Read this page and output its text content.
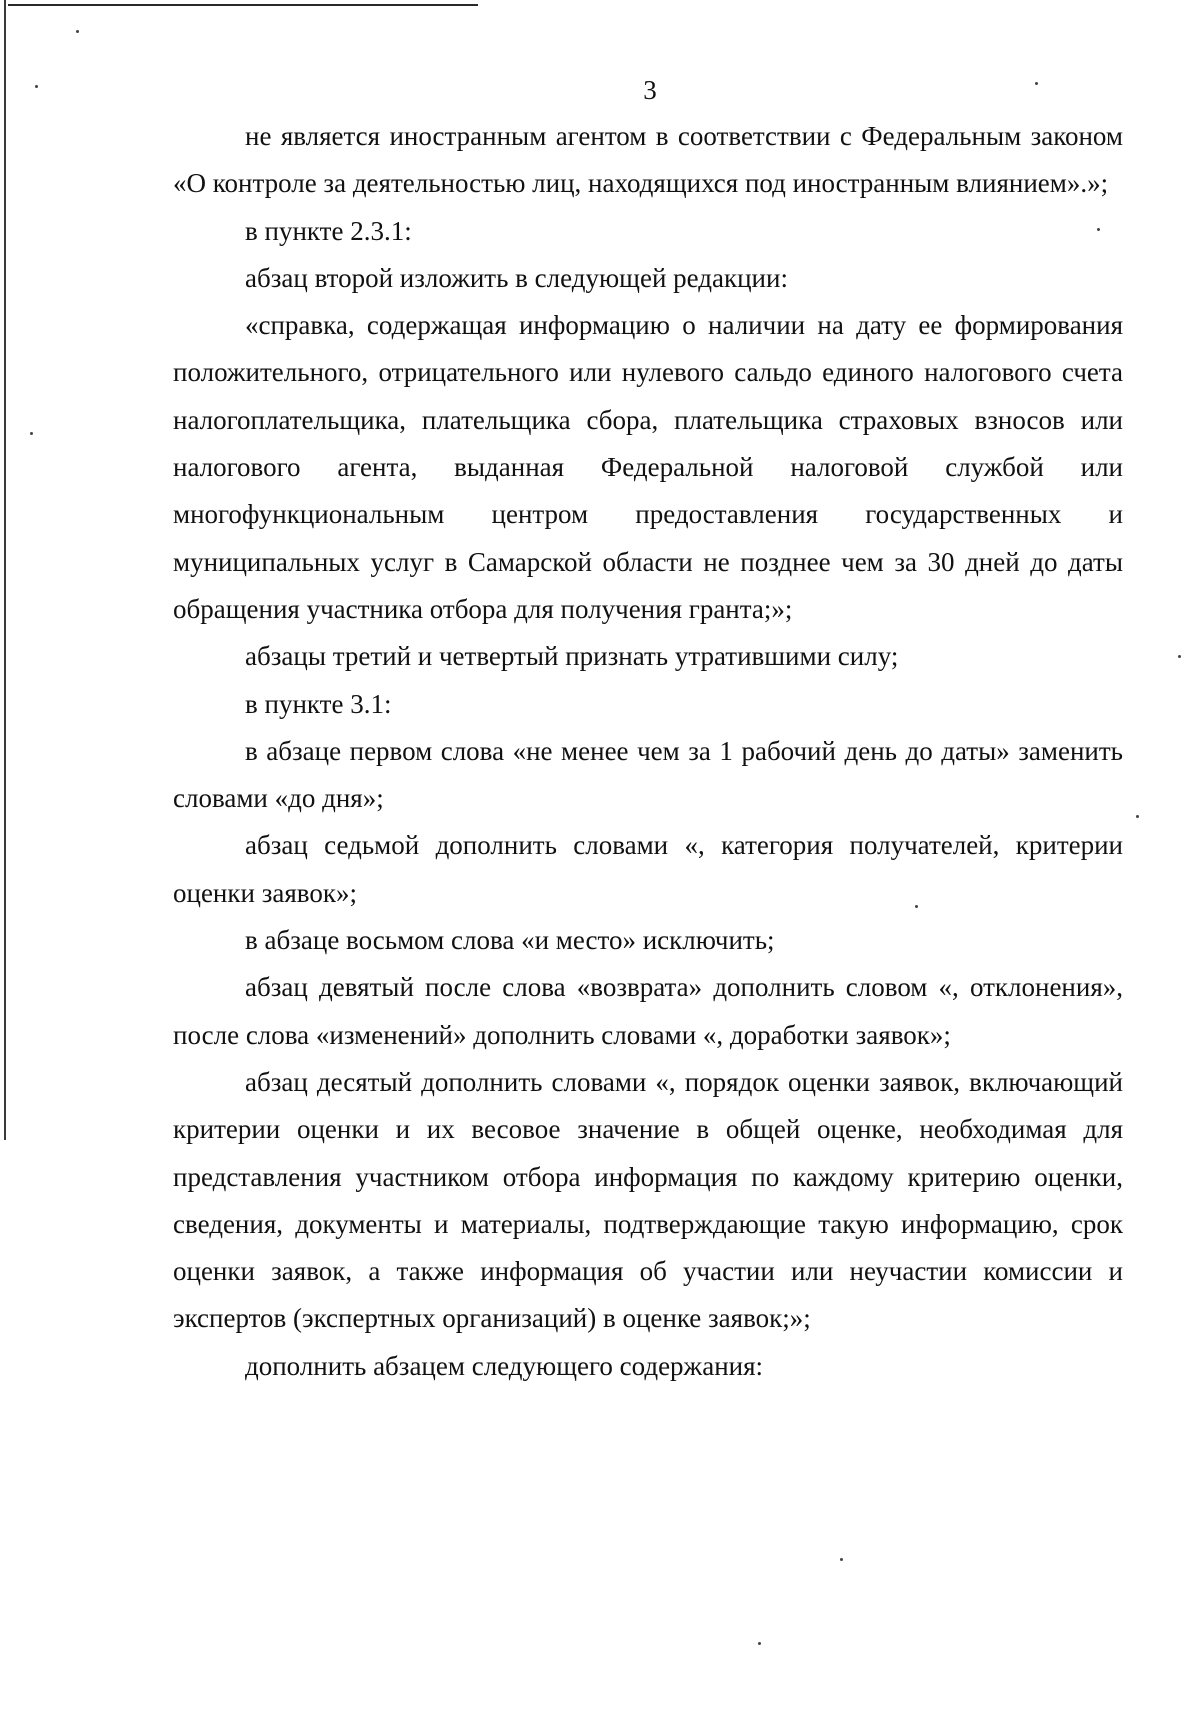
3

не является иностранным агентом в соответствии с Федеральным законом «О контроле за деятельностью лиц, находящихся под иностранным влиянием».»;

в пункте 2.3.1:

абзац второй изложить в следующей редакции:

«справка, содержащая информацию о наличии на дату ее формирования положительного, отрицательного или нулевого сальдо единого налогового счета налогоплательщика, плательщика сбора, плательщика страховых взносов или налогового агента, выданная Федеральной налоговой службой или многофункциональным центром предоставления государственных и муниципальных услуг в Самарской области не позднее чем за 30 дней до даты обращения участника отбора для получения гранта;»;

абзацы третий и четвертый признать утратившими силу;

в пункте 3.1:

в абзаце первом слова «не менее чем за 1 рабочий день до даты» заменить словами «до дня»;

абзац седьмой дополнить словами «, категория получателей, критерии оценки заявок»;

в абзаце восьмом слова «и место» исключить;

абзац девятый после слова «возврата» дополнить словом «, отклонения», после слова «изменений» дополнить словами «, доработки заявок»;

абзац десятый дополнить словами «, порядок оценки заявок, включающий критерии оценки и их весовое значение в общей оценке, необходимая для представления участником отбора информация по каждому критерию оценки, сведения, документы и материалы, подтверждающие такую информацию, срок оценки заявок, а также информация об участии или неучастии комиссии и экспертов (экспертных организаций) в оценке заявок;»;

дополнить абзацем следующего содержания:
